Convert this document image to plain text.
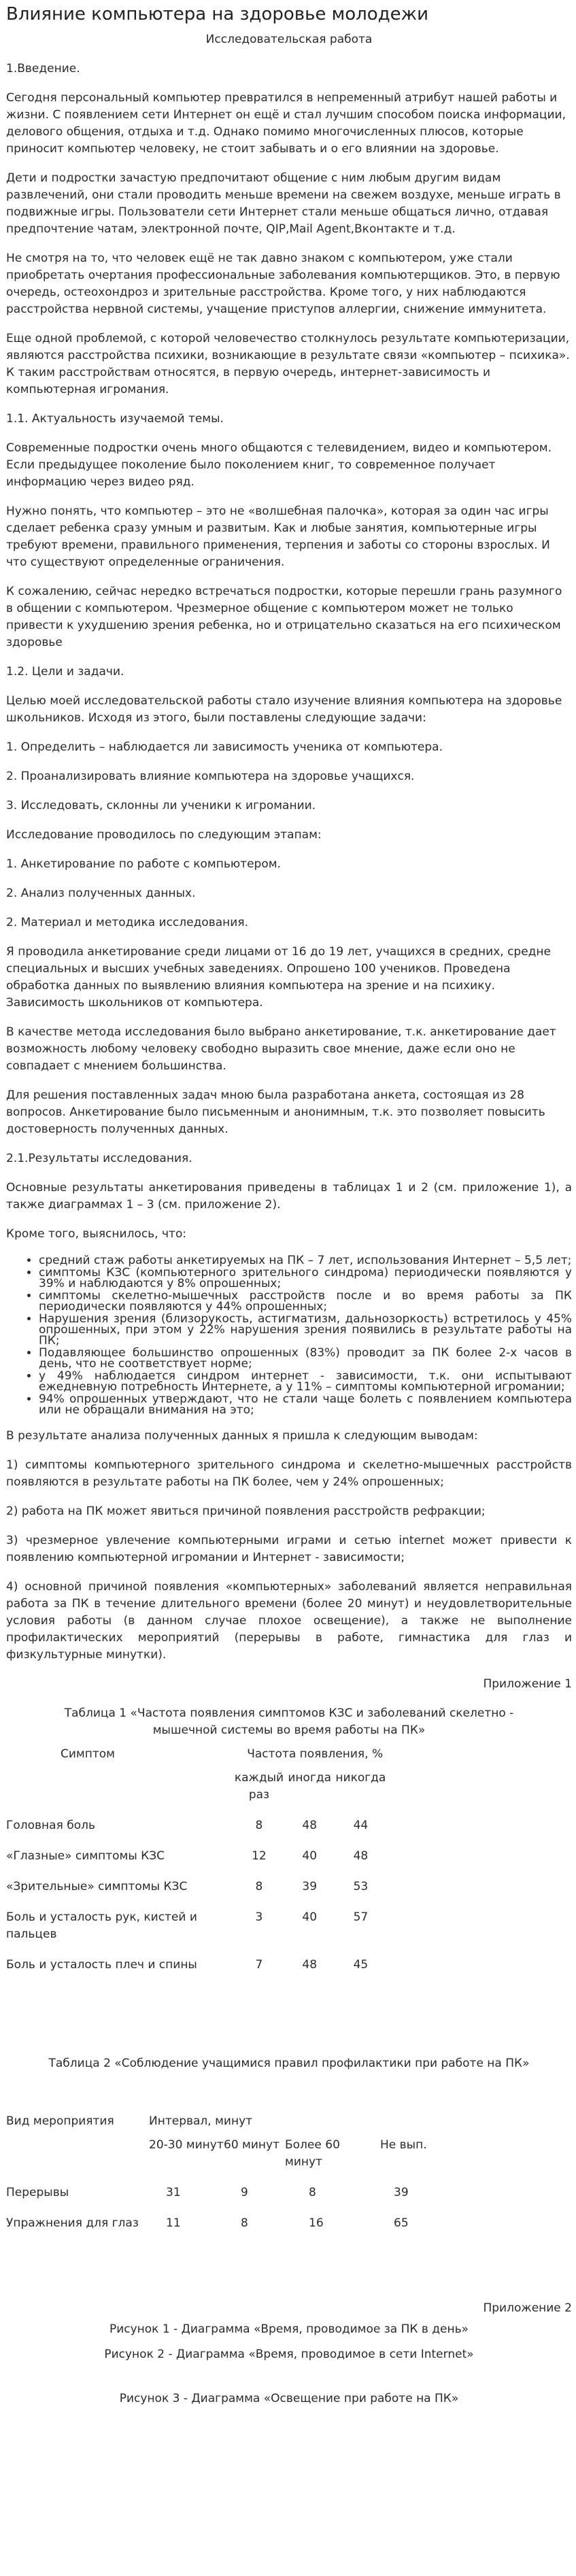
Влияние компьютера на здоровье молодежи
Исследовательская работа

1.Введение.

Сегодня персональный компьютер превратился в непременный атрибут нашей работы и жизни. С появлением сети Интернет он ещё и стал лучшим способом поиска информации, делового общения, отдыха и т.д. Однако помимо многочисленных плюсов, которые приносит компьютер человеку, не стоит забывать и о его влиянии на здоровье.

Дети и подростки зачастую предпочитают общение с ним любым другим видам развлечений, они стали проводить меньше времени на свежем воздухе, меньше играть в подвижные игры. Пользователи сети Интернет стали меньше общаться лично, отдавая предпочтение чатам, электронной почте, QIP,Mail Agent,Вконтакте и т.д.

Не смотря на то, что человек ещё не так давно знаком с компьютером, уже стали приобретать очертания профессиональные заболевания компьютерщиков. Это, в первую очередь, остеохондроз и зрительные расстройства. Кроме того, у них наблюдаются расстройства нервной системы, учащение приступов аллергии, снижение иммунитета.

Еще одной проблемой, с которой человечество столкнулось результате компьютеризации, являются расстройства психики, возникающие в результате связи «компьютер – психика». К таким расстройствам относятся, в первую очередь, интернет-зависимость и компьютерная игромания.

1.1. Актуальность изучаемой темы.

Современные подростки очень много общаются с телевидением, видео и компьютером. Если предыдущее поколение было поколением книг, то современное получает информацию через видео ряд.

Нужно понять, что компьютер – это не «волшебная палочка», которая за один час игры сделает ребенка сразу умным и развитым. Как и любые занятия, компьютерные игры требуют времени, правильного применения, терпения и заботы со стороны взрослых. И что существуют определенные ограничения.

К сожалению, сейчас нередко встречаться подростки, которые перешли грань разумного в общении с компьютером. Чрезмерное общение с компьютером может не только привести к ухудшению зрения ребенка, но и отрицательно сказаться на его психическом здоровье

1.2. Цели и задачи.

Целью моей исследовательской работы стало изучение влияния компьютера на здоровье школьников. Исходя из этого, были поставлены следующие задачи:

1. Определить – наблюдается ли зависимость ученика от компьютера.

2. Проанализировать влияние компьютера на здоровье учащихся.

3. Исследовать, склонны ли ученики к игромании.

Исследование проводилось по следующим этапам:

1. Анкетирование по работе с компьютером.

2. Анализ полученных данных.

2. Материал и методика исследования.

Я проводила анкетирование среди лицами от 16 до 19 лет, учащихся в средних, средне специальных и высших учебных заведениях. Опрошено 100 учеников. Проведена обработка данных по выявлению влияния компьютера на зрение и на психику. Зависимость школьников от компьютера.

В качестве метода исследования было выбрано анкетирование, т.к. анкетирование дает возможность любому человеку свободно выразить свое мнение, даже если оно не совпадает с мнением большинства.

Для решения поставленных задач мною была разработана анкета, состоящая из 28 вопросов. Анкетирование было письменным и анонимным, т.к. это позволяет повысить достоверность полученных данных.

2.1.Результаты исследования.

Основные результаты анкетирования приведены в таблицах 1 и 2 (см. приложение 1), а также диаграммах 1 – 3 (см. приложение 2).

Кроме того, выяснилось, что:

• средний стаж работы анкетируемых на ПК – 7 лет, использования Интернет – 5,5 лет;
• симптомы КЗС (компьютерного зрительного синдрома) периодически появляются у 39% и наблюдаются у 8% опрошенных;
• симптомы скелетно-мышечных расстройств после и во время работы за ПК периодически появляются у 44% опрошенных;
• Нарушения зрения (близорукость, астигматизм, дальнозоркость) встретилось у 45% опрошенных, при этом у 22% нарушения зрения появились в результате работы на ПК;
• Подавляющее большинство опрошенных (83%) проводит за ПК более 2-х часов в день, что не соответствует норме;
• у 49% наблюдается синдром интернет - зависимости, т.к. они испытывают ежедневную потребность Интернете, а у 11% – симптомы компьютерной игромании;
• 94% опрошенных утверждают, что не стали чаще болеть с появлением компьютера или не обращали внимания на это;

В результате анализа полученных данных я пришла к следующим выводам:

1) симптомы компьютерного зрительного синдрома и скелетно-мышечных расстройств появляются в результате работы на ПК более, чем у 24% опрошенных;

2) работа на ПК может явиться причиной появления расстройств рефракции;

3) чрезмерное увлечение компьютерными играми и сетью internet может привести к появлению компьютерной игромании и Интернет - зависимости;

4) основной причиной появления «компьютерных» заболеваний является неправильная работа за ПК в течение длительного времени (более 20 минут) и неудовлетворительные условия работы (в данном случае плохое освещение), а также не выполнение профилактических мероприятий (перерывы в работе, гимнастика для глаз и физкультурные минутки).

Приложение 1

Таблица 1 «Частота появления симптомов КЗС и заболеваний скелетно - мышечной системы во время работы на ПК»
Симптом	Частота появления, %		
	каждый раз	иногда	никогда
Головная боль	8	48	44
«Глазные» симптомы КЗС	12	40	48
«Зрительные» симптомы КЗС	8	39	53
Боль и усталость рук, кистей и пальцев	3	40	57
Боль и усталость плеч и спины	7	48	45
Таблица 2 «Соблюдение учащимися правил профилактики при работе на ПК»
Вид мероприятия	Интервал, минут			
	20-30 минут	60 минут	Более 60 минут	Не вып.
Перерывы	31	9	8	39
Упражнения для глаз	11	8	16	65

Приложение 2

Рисунок 1 - Диаграмма «Время, проводимое за ПК в день»
Рисунок 2 - Диаграмма «Время, проводимое в сети Internet»
Рисунок 3 - Диаграмма «Освещение при работе на ПК»
